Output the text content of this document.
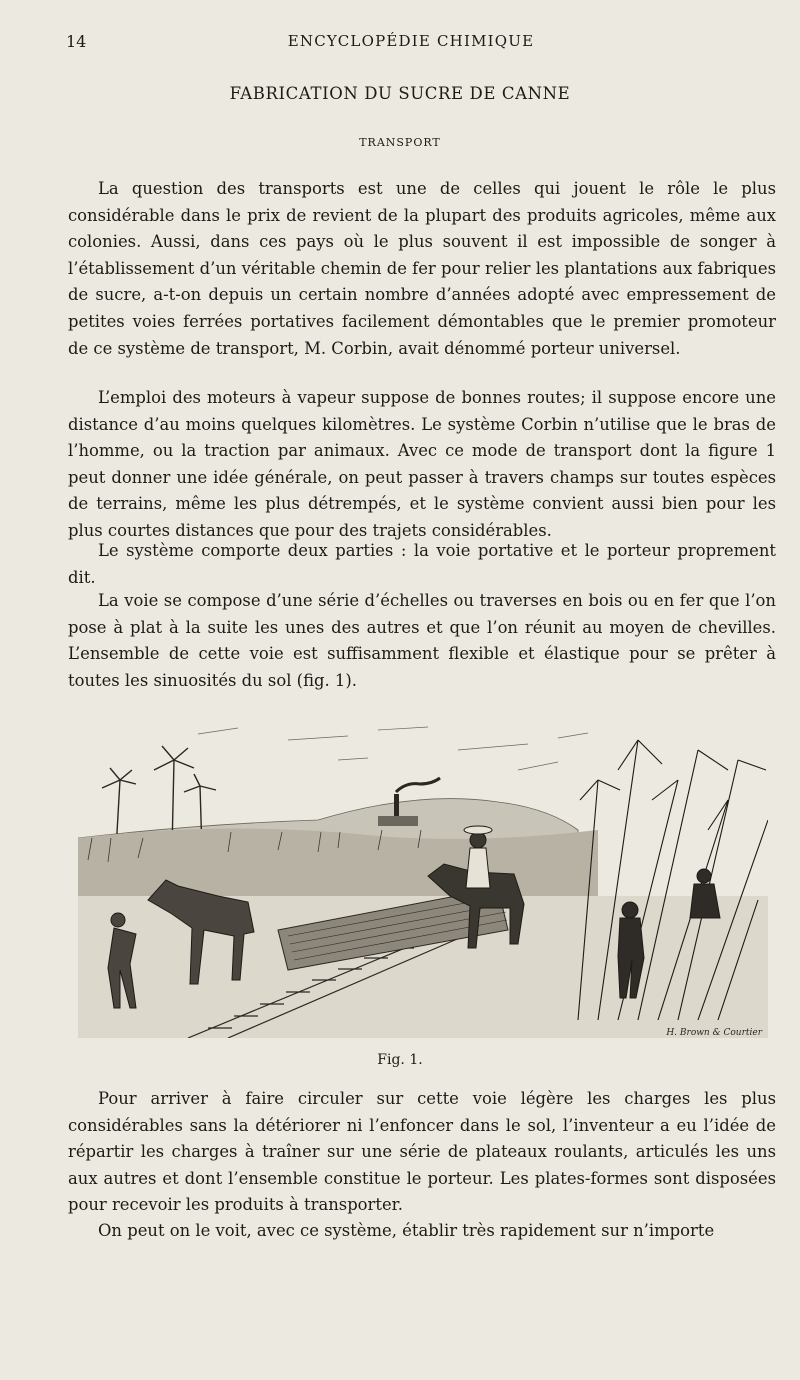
14	ENCYCLOPÉDIE CHIMIQUE
FABRICATION DU SUCRE DE CANNE
TRANSPORT

La question des transports est une de celles qui jouent le rôle le plus considérable dans le prix de revient de la plupart des produits agricoles, même aux colonies. Aussi, dans ces pays où le plus souvent il est impossible de songer à l’établissement d’un véritable chemin de fer pour relier les plantations aux fabriques de sucre, a-t-on depuis un certain nombre d’années adopté avec empressement de petites voies ferrées portatives facilement démontables que le premier promoteur de ce système de transport, M. Corbin, avait dénommé porteur universel.

L’emploi des moteurs à vapeur suppose de bonnes routes; il suppose encore une distance d’au moins quelques kilomètres. Le système Corbin n’utilise que le bras de l’homme, ou la traction par animaux. Avec ce mode de transport dont la figure 1 peut donner une idée générale, on peut passer à travers champs sur toutes espèces de terrains, même les plus détrempés, et le système convient aussi bien pour les plus courtes distances que pour des trajets considérables.

Le système comporte deux parties : la voie portative et le porteur proprement dit.

La voie se compose d’une série d’échelles ou traverses en bois ou en fer que l’on pose à plat à la suite les unes des autres et que l’on réunit au moyen de chevilles. L’ensemble de cette voie est suffisamment flexible et élastique pour se prêter à toutes les sinuosités du sol (fig. 1).

H. Brown & Courtier
Fig. 1.

Pour arriver à faire circuler sur cette voie légère les charges les plus considérables sans la détériorer ni l’enfoncer dans le sol, l’inventeur a eu l’idée de répartir les charges à traîner sur une série de plateaux roulants, articulés les uns aux autres et dont l’ensemble constitue le porteur. Les plates-formes sont disposées pour recevoir les produits à transporter.

On peut on le voit, avec ce système, établir très rapidement sur n’importe
